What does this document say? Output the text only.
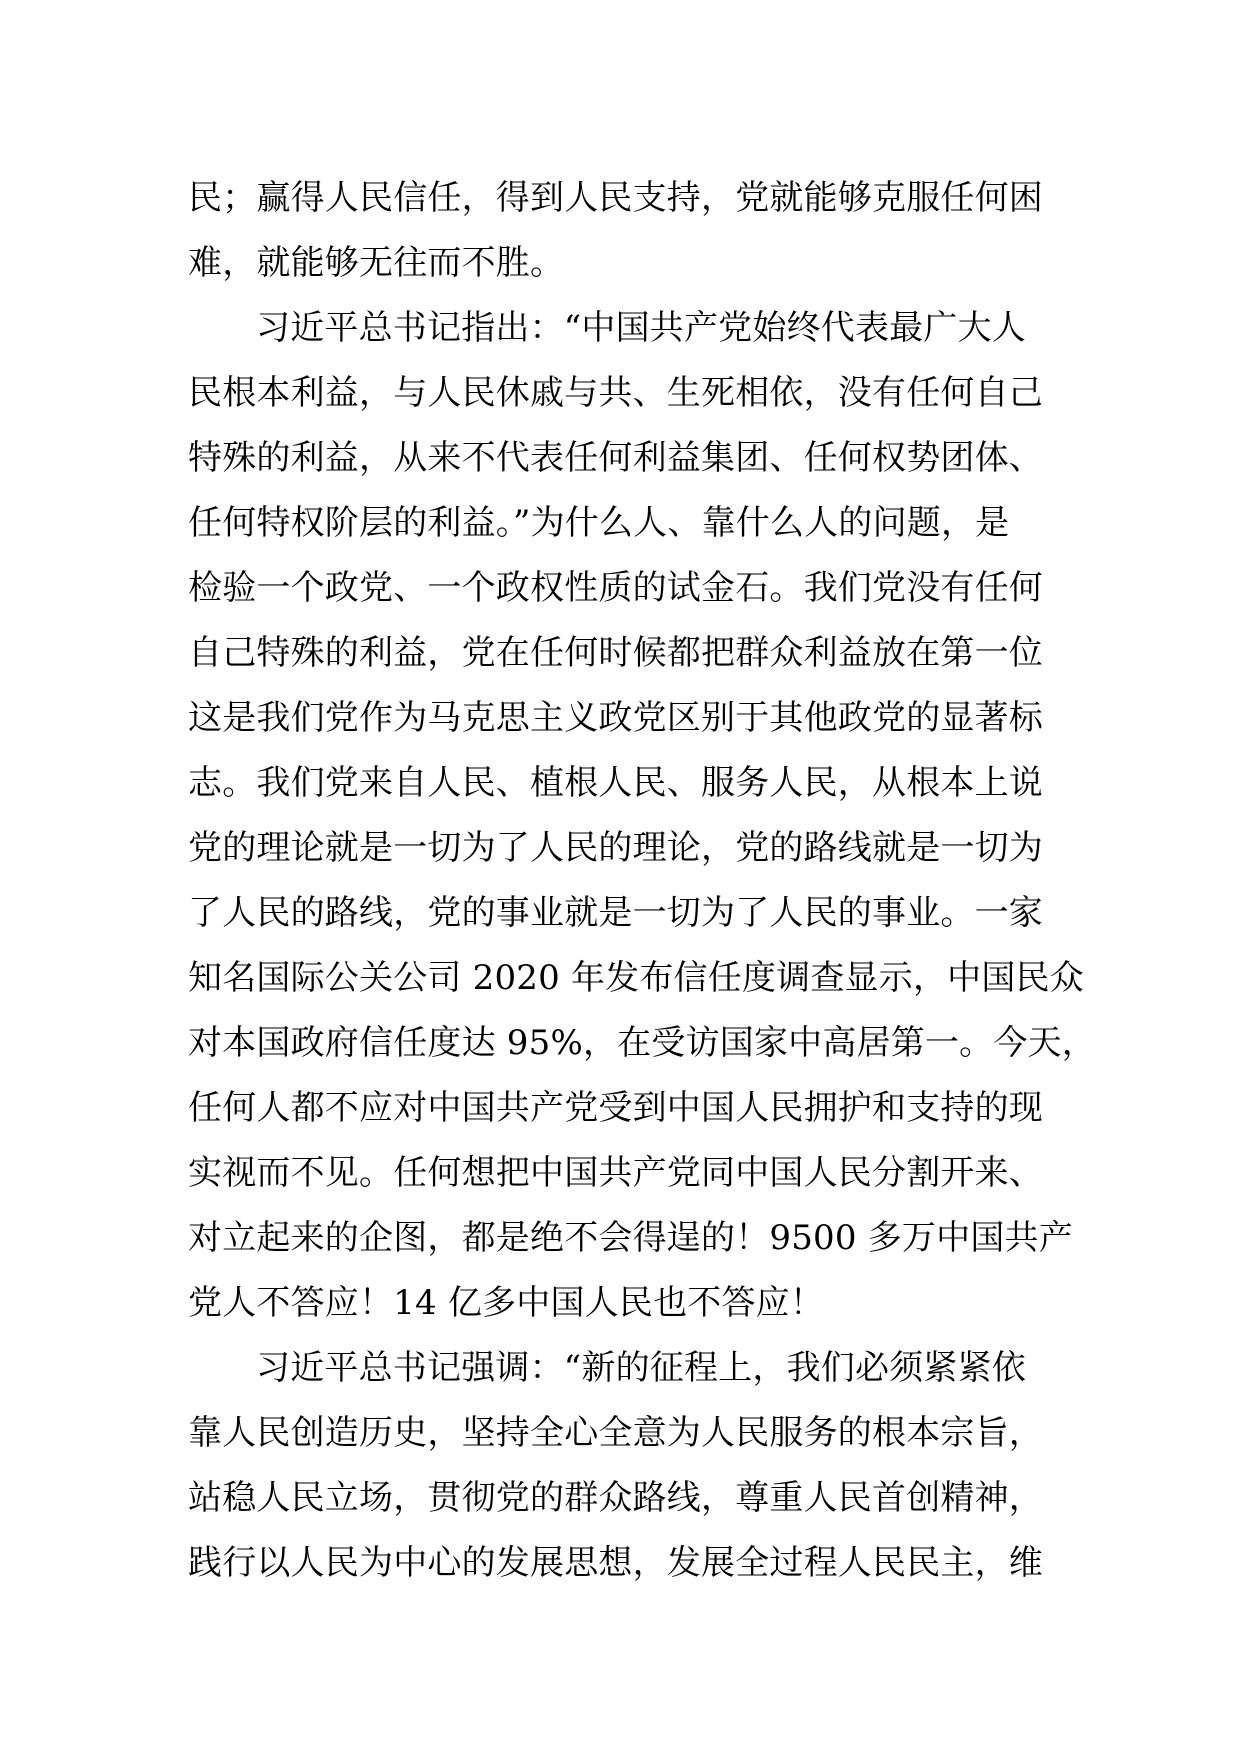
民；赢得人民信任，得到人民支持，党就能够克服任何困
难，就能够无往而不胜。
习近平总书记指出：“中国共产党始终代表最广大人
民根本利益，与人民休戚与共、生死相依，没有任何自己
特殊的利益，从来不代表任何利益集团、任何权势团体、
任何特权阶层的利益。”为什么人、靠什么人的问题，是
检验一个政党、一个政权性质的试金石。我们党没有任何
自己特殊的利益，党在任何时候都把群众利益放在第一位
这是我们党作为马克思主义政党区别于其他政党的显著标
志。我们党来自人民、植根人民、服务人民，从根本上说
党的理论就是一切为了人民的理论，党的路线就是一切为
了人民的路线，党的事业就是一切为了人民的事业。一家
知名国际公关公司 2020 年发布信任度调查显示，中国民众
对本国政府信任度达 95%，在受访国家中高居第一。今天，
任何人都不应对中国共产党受到中国人民拥护和支持的现
实视而不见。任何想把中国共产党同中国人民分割开来、
对立起来的企图，都是绝不会得逞的！9500 多万中国共产
党人不答应！14 亿多中国人民也不答应！
习近平总书记强调：“新的征程上，我们必须紧紧依
靠人民创造历史，坚持全心全意为人民服务的根本宗旨，
站稳人民立场，贯彻党的群众路线，尊重人民首创精神，
践行以人民为中心的发展思想，发展全过程人民民主，维
